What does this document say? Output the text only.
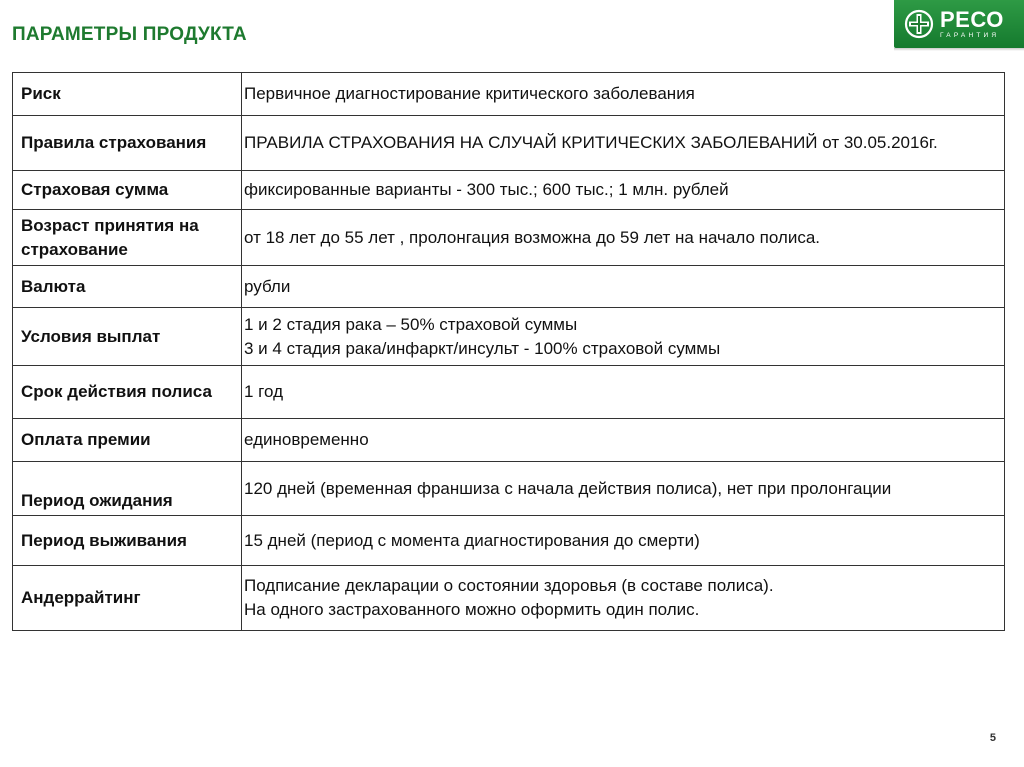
ПАРАМЕТРЫ ПРОДУКТА
РЕСО
ГАРАНТИЯ
Риск	Первичное диагностирование критического заболевания

Правила страхования	ПРАВИЛА СТРАХОВАНИЯ НА СЛУЧАЙ КРИТИЧЕСКИХ ЗАБОЛЕВАНИЙ от 30.05.2016г.

Страховая сумма	фиксированные варианты - 300 тыс.; 600 тыс.; 1 млн. рублей

Возраст принятия на страхование	от 18 лет до 55 лет , пролонгация возможна до 59 лет на начало полиса.

Валюта	рубли

Условия выплат	1 и 2 стадия рака – 50% страховой суммы
3 и 4 стадия рака/инфаркт/инсульт - 100% страховой суммы

Срок действия полиса	1 год

Оплата премии	единовременно

Период ожидания	120 дней (временная франшиза с начала действия полиса), нет при пролонгации

Период выживания	15 дней (период с момента диагностирования до смерти)

Андеррайтинг	Подписание декларации о состоянии здоровья (в составе полиса).
На одного застрахованного можно оформить один полис.
5
